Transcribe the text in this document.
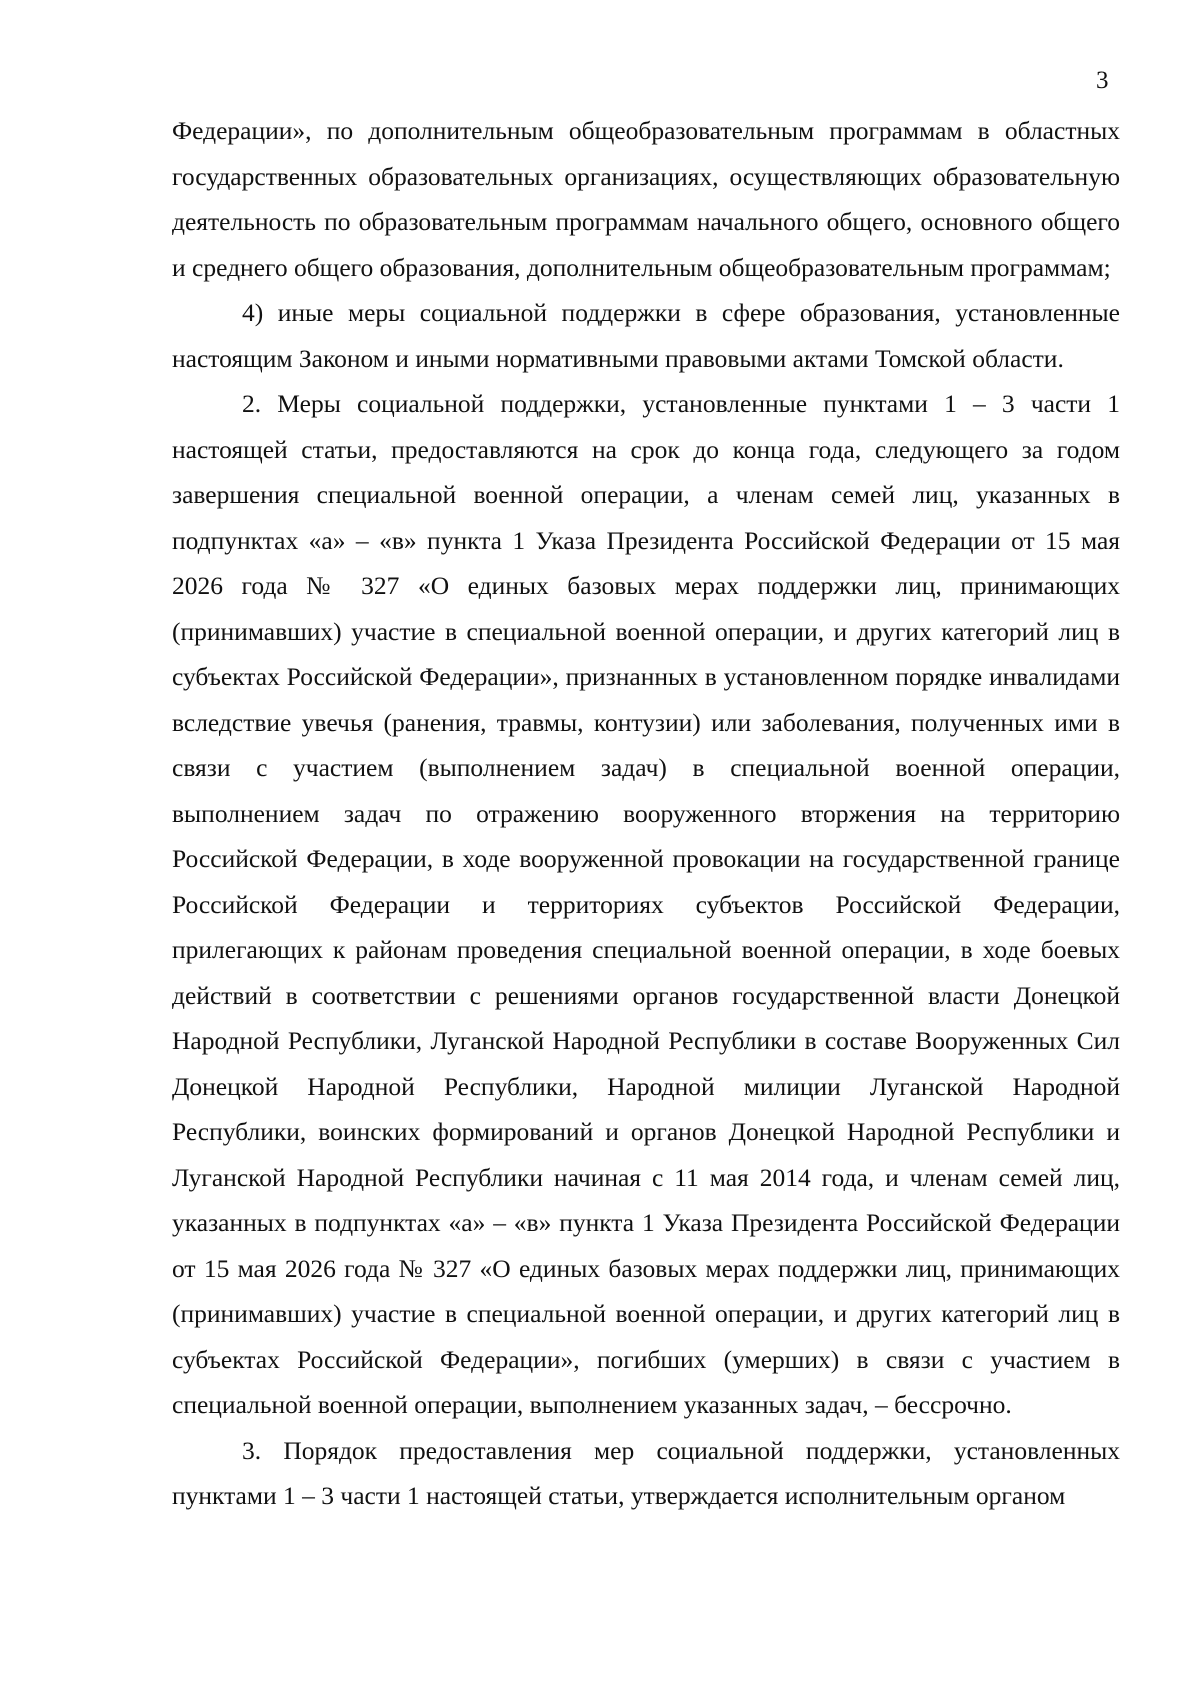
3

Федерации», по дополнительным общеобразовательным программам в областных государственных образовательных организациях, осуществляющих образовательную деятельность по образовательным программам начального общего, основного общего и среднего общего образования, дополнительным общеобразовательным программам;

4) иные меры социальной поддержки в сфере образования, установленные настоящим Законом и иными нормативными правовыми актами Томской области.

2. Меры социальной поддержки, установленные пунктами 1 – 3 части 1 настоящей статьи, предоставляются на срок до конца года, следующего за годом завершения специальной военной операции, а членам семей лиц, указанных в подпунктах «а» – «в» пункта 1 Указа Президента Российской Федерации от 15 мая 2026 года № 327 «О единых базовых мерах поддержки лиц, принимающих (принимавших) участие в специальной военной операции, и других категорий лиц в субъектах Российской Федерации», признанных в установленном порядке инвалидами вследствие увечья (ранения, травмы, контузии) или заболевания, полученных ими в связи с участием (выполнением задач) в специальной военной операции, выполнением задач по отражению вооруженного вторжения на территорию Российской Федерации, в ходе вооруженной провокации на государственной границе Российской Федерации и территориях субъектов Российской Федерации, прилегающих к районам проведения специальной военной операции, в ходе боевых действий в соответствии с решениями органов государственной власти Донецкой Народной Республики, Луганской Народной Республики в составе Вооруженных Сил Донецкой Народной Республики, Народной милиции Луганской Народной Республики, воинских формирований и органов Донецкой Народной Республики и Луганской Народной Республики начиная с 11 мая 2014 года, и членам семей лиц, указанных в подпунктах «а» – «в» пункта 1 Указа Президента Российской Федерации от 15 мая 2026 года № 327 «О единых базовых мерах поддержки лиц, принимающих (принимавших) участие в специальной военной операции, и других категорий лиц в субъектах Российской Федерации», погибших (умерших) в связи с участием в специальной военной операции, выполнением указанных задач, – бессрочно.

3. Порядок предоставления мер социальной поддержки, установленных пунктами 1 – 3 части 1 настоящей статьи, утверждается исполнительным органом
